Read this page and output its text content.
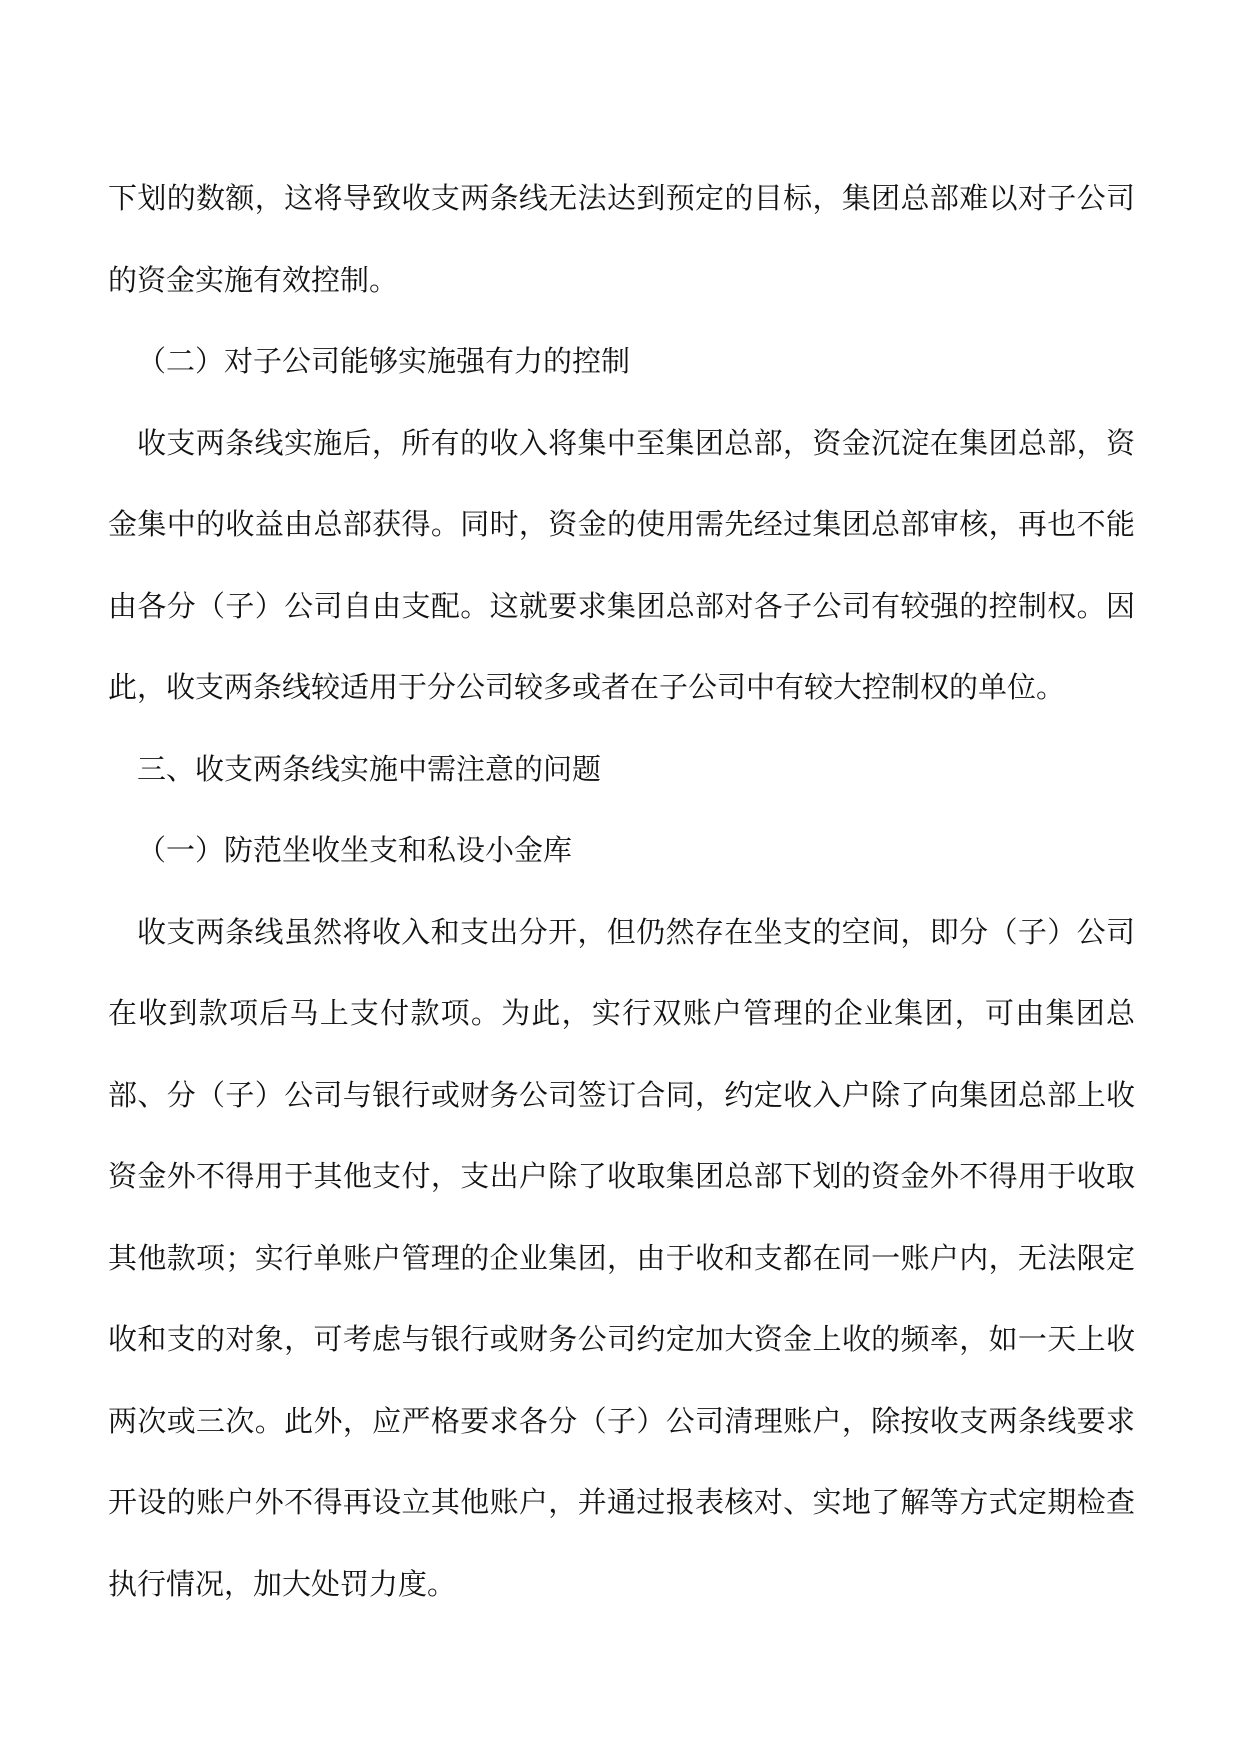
下划的数额，这将导致收支两条线无法达到预定的目标，集团总部难以对子公司的资金实施有效控制。

（二）对子公司能够实施强有力的控制

收支两条线实施后，所有的收入将集中至集团总部，资金沉淀在集团总部，资金集中的收益由总部获得。同时，资金的使用需先经过集团总部审核，再也不能由各分（子）公司自由支配。这就要求集团总部对各子公司有较强的控制权。因此，收支两条线较适用于分公司较多或者在子公司中有较大控制权的单位。

三、收支两条线实施中需注意的问题

（一）防范坐收坐支和私设小金库

收支两条线虽然将收入和支出分开，但仍然存在坐支的空间，即分（子）公司在收到款项后马上支付款项。为此，实行双账户管理的企业集团，可由集团总部、分（子）公司与银行或财务公司签订合同，约定收入户除了向集团总部上收资金外不得用于其他支付，支出户除了收取集团总部下划的资金外不得用于收取其他款项；实行单账户管理的企业集团，由于收和支都在同一账户内，无法限定收和支的对象，可考虑与银行或财务公司约定加大资金上收的频率，如一天上收两次或三次。此外，应严格要求各分（子）公司清理账户，除按收支两条线要求开设的账户外不得再设立其他账户，并通过报表核对、实地了解等方式定期检查执行情况，加大处罚力度。
